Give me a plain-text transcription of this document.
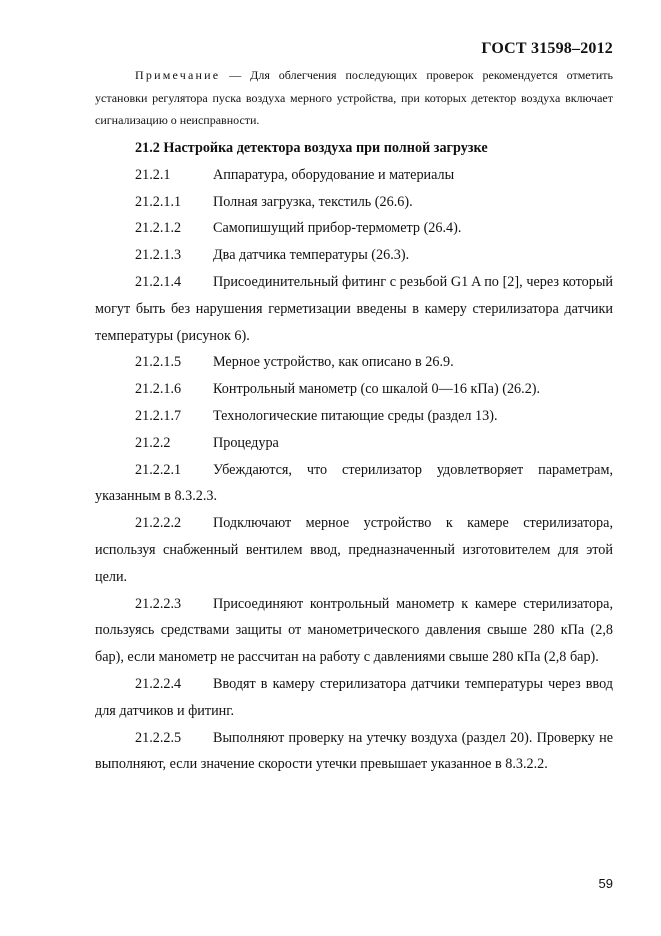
ГОСТ 31598–2012
Примечание — Для облегчения последующих проверок рекомендуется отметить установки регулятора пуска воздуха мерного устройства, при которых детектор воздуха включает сигнализацию о неисправности.

21.2 Настройка детектора воздуха при полной загрузке

21.2.1	Аппаратура, оборудование и материалы

21.2.1.1	Полная загрузка, текстиль (26.6).

21.2.1.2	Самопишущий прибор-термометр (26.4).

21.2.1.3	Два датчика температуры (26.3).

21.2.1.4 Присоединительный фитинг с резьбой G1 A по [2], через который могут быть без нарушения герметизации введены в камеру стерилизатора датчики температуры (рисунок 6).

21.2.1.5	Мерное устройство, как описано в 26.9.

21.2.1.6	Контрольный манометр (со шкалой 0—16 кПа) (26.2).

21.2.1.7	Технологические питающие среды (раздел 13).

21.2.2	Процедура

21.2.2.1 Убеждаются, что стерилизатор удовлетворяет параметрам, указанным в 8.3.2.3.

21.2.2.2 Подключают мерное устройство к камере стерилизатора, используя снабженный вентилем ввод, предназначенный изготовителем для этой цели.

21.2.2.3 Присоединяют контрольный манометр к камере стерилизатора, пользуясь средствами защиты от манометрического давления свыше 280 кПа (2,8 бар), если манометр не рассчитан на работу с давлениями свыше 280 кПа (2,8 бар).

21.2.2.4 Вводят в камеру стерилизатора датчики температуры через ввод для датчиков и фитинг.

21.2.2.5 Выполняют проверку на утечку воздуха (раздел 20). Проверку не выполняют, если значение скорости утечки превышает указанное в 8.3.2.2.

59
